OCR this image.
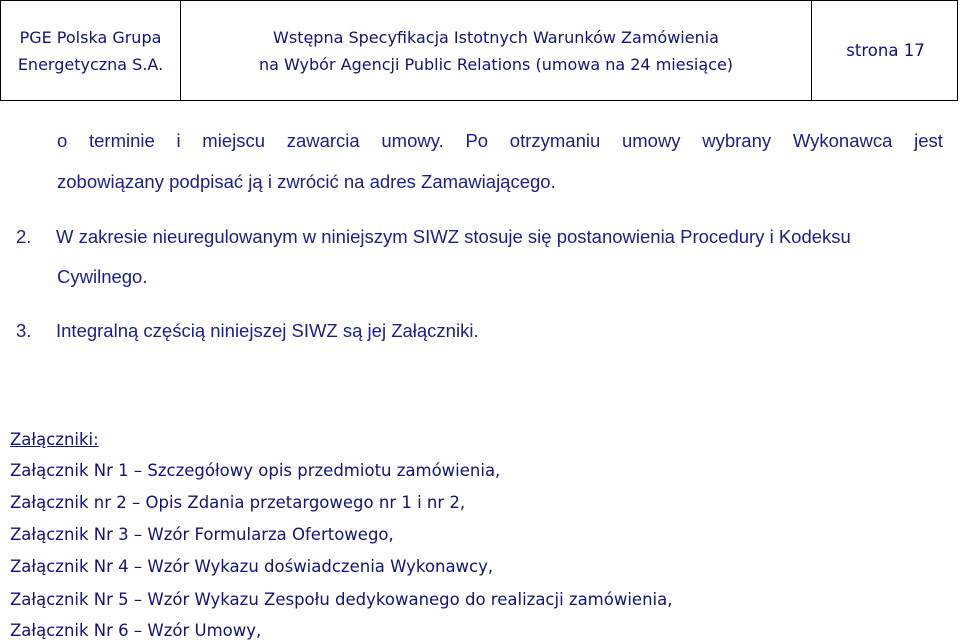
PGE Polska Grupa
Energetyczna S.A.
Wstępna Specyfikacja Istotnych Warunków Zamówienia
na Wybór Agencji Public Relations (umowa na 24 miesiące)
strona 17
o terminie i miejscu zawarcia umowy. Po otrzymaniu umowy wybrany Wykonawca jest
zobowiązany podpisać ją i zwrócić na adres Zamawiającego.
2. W zakresie nieuregulowanym w niniejszym SIWZ stosuje się postanowienia Procedury i Kodeksu
Cywilnego.
3. Integralną częścią niniejszej SIWZ są jej Załączniki.
Załączniki:
Załącznik Nr 1 – Szczegółowy opis przedmiotu zamówienia,
Załącznik nr 2 – Opis Zdania przetargowego nr 1 i nr 2,
Załącznik Nr 3 – Wzór Formularza Ofertowego,
Załącznik Nr 4 – Wzór Wykazu doświadczenia Wykonawcy,
Załącznik Nr 5 – Wzór Wykazu Zespołu dedykowanego do realizacji zamówienia,
Załącznik Nr 6 – Wzór Umowy,
